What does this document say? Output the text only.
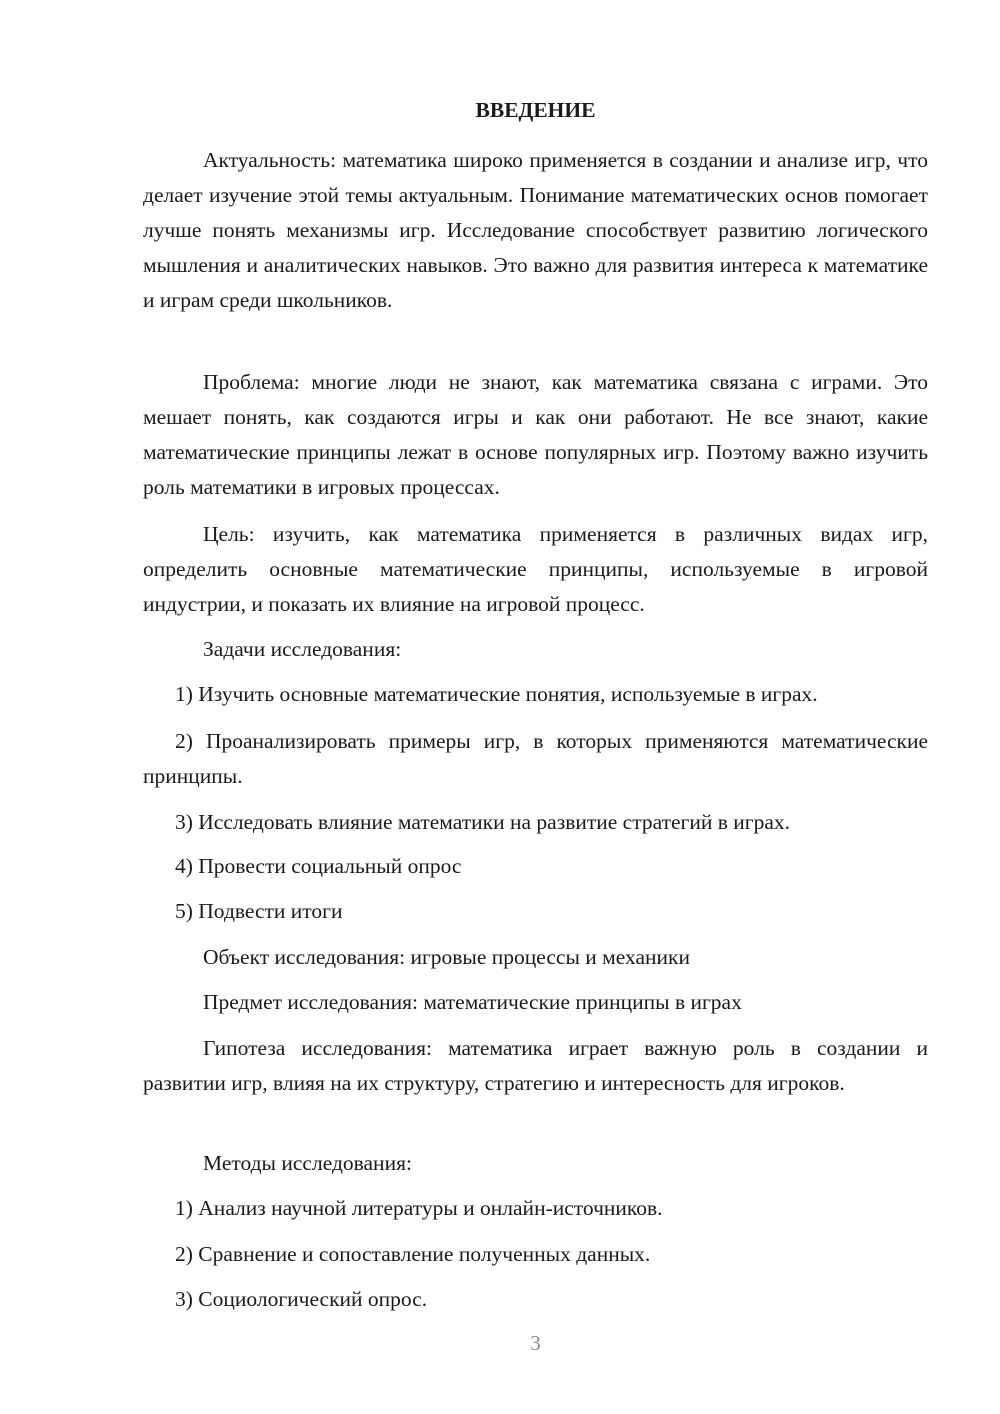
ВВЕДЕНИЕ

Актуальность: математика широко применяется в создании и анализе игр, что делает изучение этой темы актуальным. Понимание математических основ помогает лучше понять механизмы игр. Исследование способствует развитию логического мышления и аналитических навыков. Это важно для развития интереса к математике и играм среди школьников.

Проблема: многие люди не знают, как математика связана с играми. Это мешает понять, как создаются игры и как они работают. Не все знают, какие математические принципы лежат в основе популярных игр. Поэтому важно изучить роль математики в игровых процессах.

Цель: изучить, как математика применяется в различных видах игр, определить основные математические принципы, используемые в игровой индустрии, и показать их влияние на игровой процесс.

Задачи исследования:

1) Изучить основные математические понятия, используемые в играх.

2) Проанализировать примеры игр, в которых применяются математические принципы.

3) Исследовать влияние математики на развитие стратегий в играх.

4) Провести социальный опрос

5) Подвести итоги

Объект исследования: игровые процессы и механики

Предмет исследования: математические принципы в играх

Гипотеза исследования: математика играет важную роль в создании и развитии игр, влияя на их структуру, стратегию и интересность для игроков.

Методы исследования:

1) Анализ научной литературы и онлайн-источников.

2) Сравнение и сопоставление полученных данных.

3) Социологический опрос.

3
